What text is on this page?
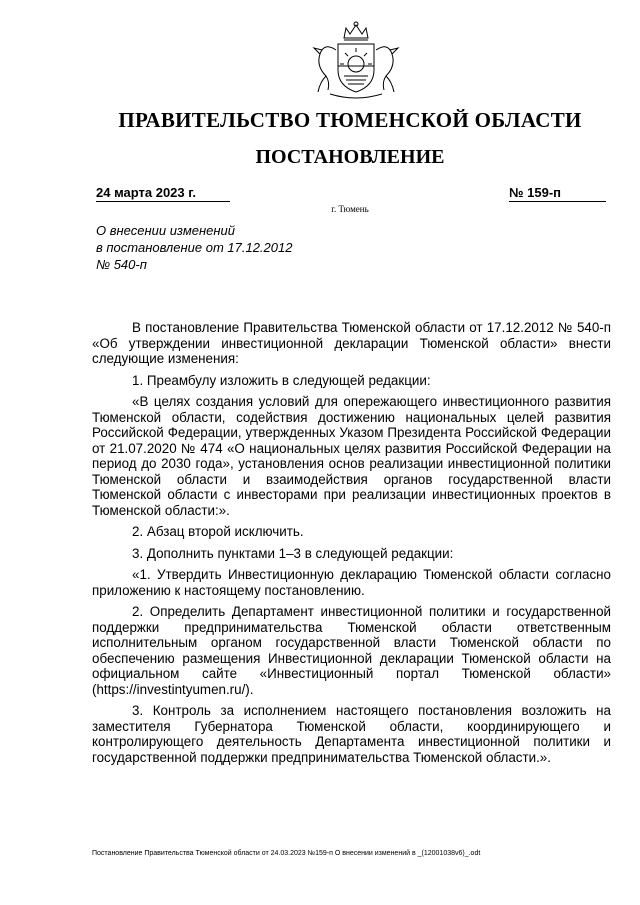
ПРАВИТЕЛЬСТВО ТЮМЕНСКОЙ ОБЛАСТИ
ПОСТАНОВЛЕНИЕ
24 марта 2023 г.	№ 159-п
г. Тюмень
О внесении изменений
в постановление от 17.12.2012
№ 540-п

В постановление Правительства Тюменской области от 17.12.2012 № 540-п «Об утверждении инвестиционной декларации Тюменской области» внести следующие изменения:

1. Преамбулу изложить в следующей редакции:

«В целях создания условий для опережающего инвестиционного развития Тюменской области, содействия достижению национальных целей развития Российской Федерации, утвержденных Указом Президента Российской Федерации от 21.07.2020 № 474 «О национальных целях развития Российской Федерации на период до 2030 года», установления основ реализации инвестиционной политики Тюменской области и взаимодействия органов государственной власти Тюменской области с инвесторами при реализации инвестиционных проектов в Тюменской области:».

2. Абзац второй исключить.

3. Дополнить пунктами 1–3 в следующей редакции:

«1. Утвердить Инвестиционную декларацию Тюменской области согласно приложению к настоящему постановлению.

2. Определить Департамент инвестиционной политики и государственной поддержки предпринимательства Тюменской области ответственным исполнительным органом государственной власти Тюменской области по обеспечению размещения Инвестиционной декларации Тюменской области на официальном сайте «Инвестиционный портал Тюменской области» (https://investintyumen.ru/).

3. Контроль за исполнением настоящего постановления возложить на заместителя Губернатора Тюменской области, координирующего и контролирующего деятельность Департамента инвестиционной политики и государственной поддержки предпринимательства Тюменской области.».

Постановление Правительства Тюменской области от 24.03.2023 №159-п О внесении изменений в _(12001038v6)_.odt
